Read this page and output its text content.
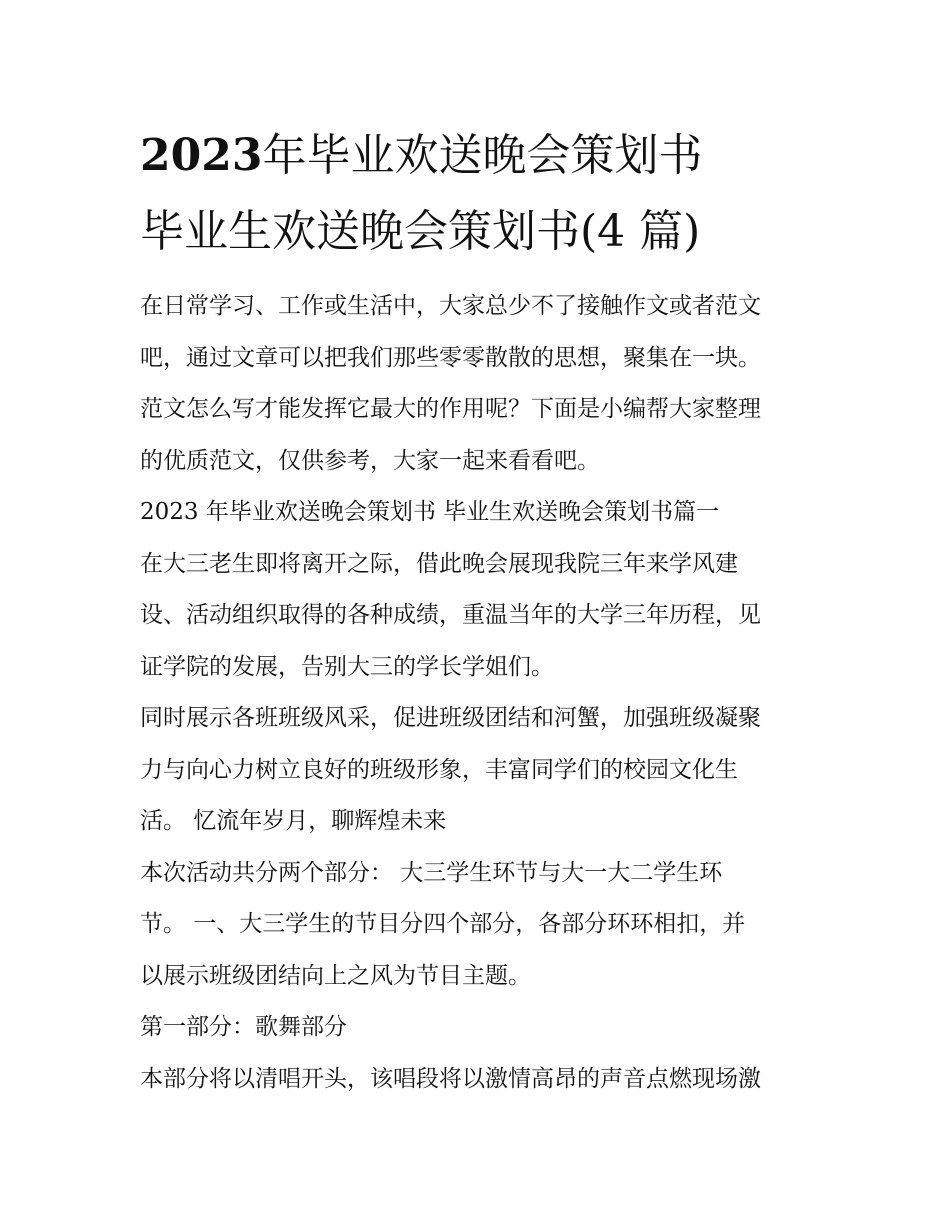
2023年毕业欢送晚会策划书
毕业生欢送晚会策划书(4 篇)

在日常学习、工作或生活中，大家总少不了接触作文或者范文

吧，通过文章可以把我们那些零零散散的思想，聚集在一块。

范文怎么写才能发挥它最大的作用呢？下面是小编帮大家整理

的优质范文，仅供参考，大家一起来看看吧。

2023 年毕业欢送晚会策划书 毕业生欢送晚会策划书篇一

在大三老生即将离开之际，借此晚会展现我院三年来学风建

设、活动组织取得的各种成绩，重温当年的大学三年历程，见

证学院的发展，告别大三的学长学姐们。

同时展示各班班级风采，促进班级团结和河蟹，加强班级凝聚

力与向心力树立良好的班级形象，丰富同学们的校园文化生

活。 忆流年岁月，聊辉煌未来

本次活动共分两个部分： 大三学生环节与大一大二学生环

节。 一、大三学生的节目分四个部分，各部分环环相扣，并

以展示班级团结向上之风为节目主题。

第一部分：歌舞部分

本部分将以清唱开头，该唱段将以激情高昂的声音点燃现场激
